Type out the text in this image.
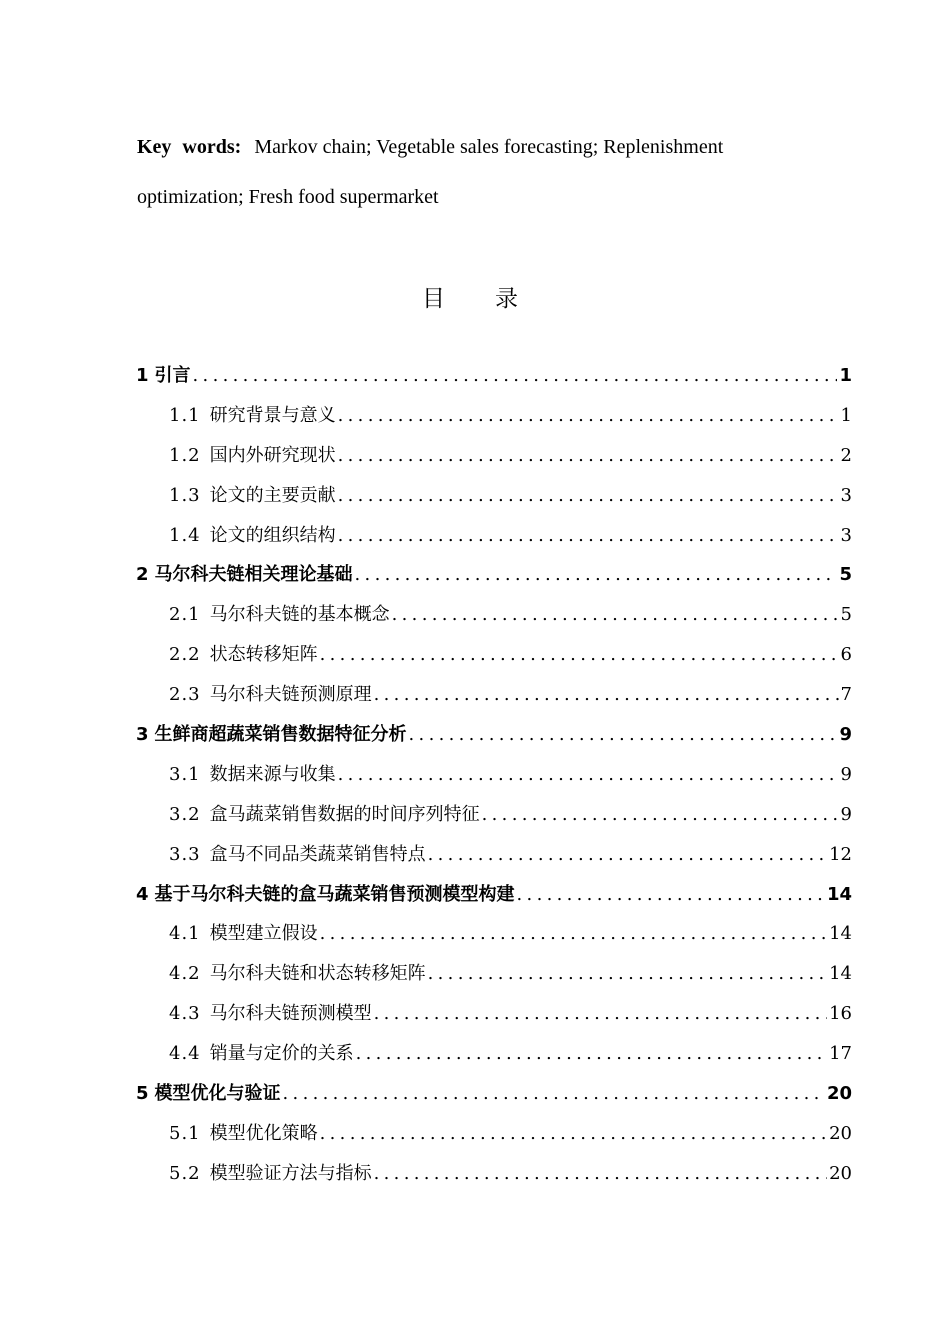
Key words: Markov chain; Vegetable sales forecasting; Replenishment optimization; Fresh food supermarket
目录
1 引言 .....	1
1.1 研究背景与意义 .....	1
1.2 国内外研究现状 .....	2
1.3 论文的主要贡献 .....	3
1.4 论文的组织结构 .....	3
2 马尔科夫链相关理论基础 .....	5
2.1 马尔科夫链的基本概念 .....	5
2.2 状态转移矩阵 .....	6
2.3 马尔科夫链预测原理 .....	7
3 生鲜商超蔬菜销售数据特征分析 .....	9
3.1 数据来源与收集 .....	9
3.2 盒马蔬菜销售数据的时间序列特征 .....	9
3.3 盒马不同品类蔬菜销售特点 .....	12
4 基于马尔科夫链的盒马蔬菜销售预测模型构建 .....	14
4.1 模型建立假设 .....	14
4.2 马尔科夫链和状态转移矩阵 .....	14
4.3 马尔科夫链预测模型 .....	16
4.4 销量与定价的关系 .....	17
5 模型优化与验证 .....	20
5.1 模型优化策略 .....	20
5.2 模型验证方法与指标 .....	20
